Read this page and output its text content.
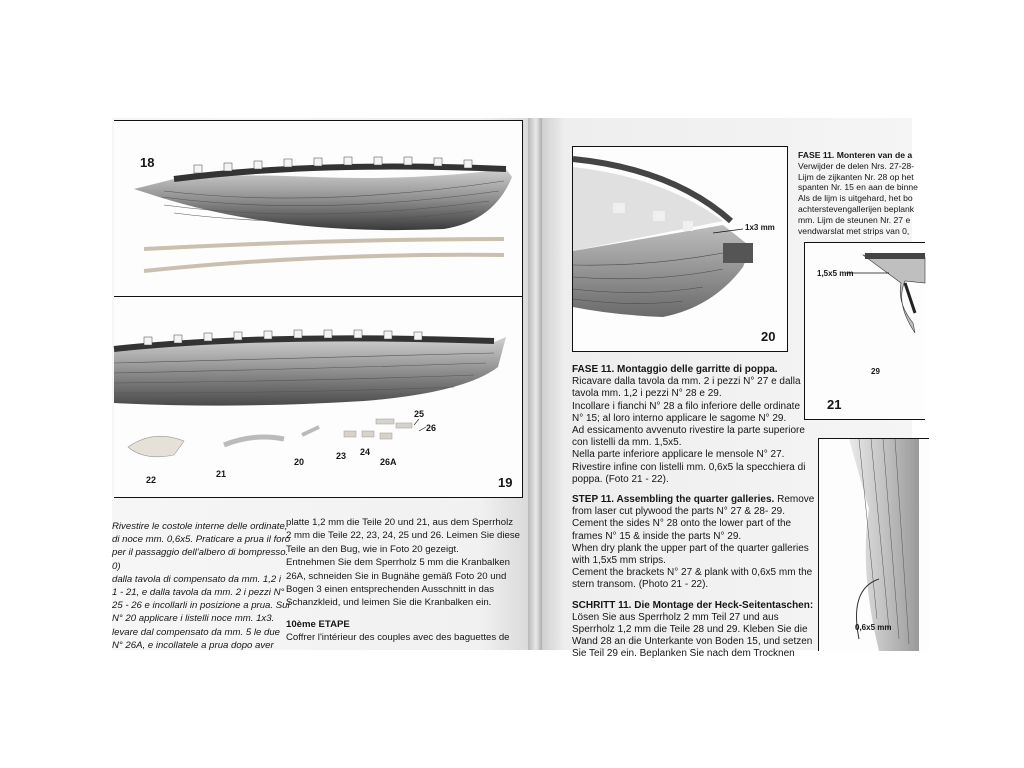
18
22
21
20
23 24
26A
25
26
19

Rivestire le costole interne delle ordinate,

di noce mm. 0,6x5. Praticare a prua il foro

per il passaggio dell'albero di bompresso.

0)

dalla tavola di compensato da mm. 1,2 i

1 - 21, e dalla tavola da mm. 2 i pezzi N°

25 - 26 e incollarli in posizione a prua. Sul

N° 20 applicare i listelli noce mm. 1x3.

levare dal compensato da mm. 5 le due

N° 26A, e incollatele a prua dopo aver

platte 1,2 mm die Teile 20 und 21, aus dem Sperrholz

2 mm die Teile 22, 23, 24, 25 und 26. Leimen Sie diese

Teile an den Bug, wie in Foto 20 gezeigt.

Entnehmen Sie dem Sperrholz 5 mm die Kranbalken

26A, schneiden Sie in Bugnähe gemäß Foto 20 und

Bogen 3 einen entsprechenden Ausschnitt in das

Schanzkleid, und leimen Sie die Kranbalken ein.

10ème ETAPE

Coffrer l'intérieur des couples avec des baguettes de

1x3 mm
20

FASE 11. Monteren van de a

Verwijder de delen Nrs. 27-28-

Lijm de zijkanten Nr. 28 op het

spanten Nr. 15 en aan de binne

Als de lijm is uitgehard, het bo

achterstevengallerijen beplank

mm. Lijm de steunen Nr. 27 e

vendwarslat met strips van 0,

1,5x5 mm
29
21
0,6x5 mm

FASE 11. Montaggio delle garritte di poppa.

Ricavare dalla tavola da mm. 2 i pezzi N° 27 e dalla

tavola mm. 1,2 i pezzi N° 28 e 29.

Incollare i fianchi N° 28 a filo inferiore delle ordinate

N° 15; al loro interno applicare le sagome N° 29.

Ad essicamento avvenuto rivestire la parte superiore

con listelli da mm. 1,5x5.

Nella parte inferiore applicare le mensole N° 27.

Rivestire infine con listelli mm. 0,6x5 la specchiera di

poppa. (Foto 21 - 22).

STEP 11. Assembling the quarter galleries. Remove

from laser cut plywood the parts N° 27 & 28- 29.

Cement the sides N° 28 onto the lower part of the

frames N° 15 & inside the parts N° 29.

When dry plank the upper part of the quarter galleries

with 1,5x5 mm strips.

Cement the brackets N° 27 & plank with 0,6x5 mm the

stern transom. (Photo 21 - 22).

SCHRITT 11. Die Montage der Heck-Seitentaschen:

Lösen Sie aus Sperrholz 2 mm Teil 27 und aus

Sperrholz 1,2 mm die Teile 28 und 29. Kleben Sie die

Wand 28 an die Unterkante von Boden 15, und setzen

Sie Teil 29 ein. Beplanken Sie nach dem Trocknen
